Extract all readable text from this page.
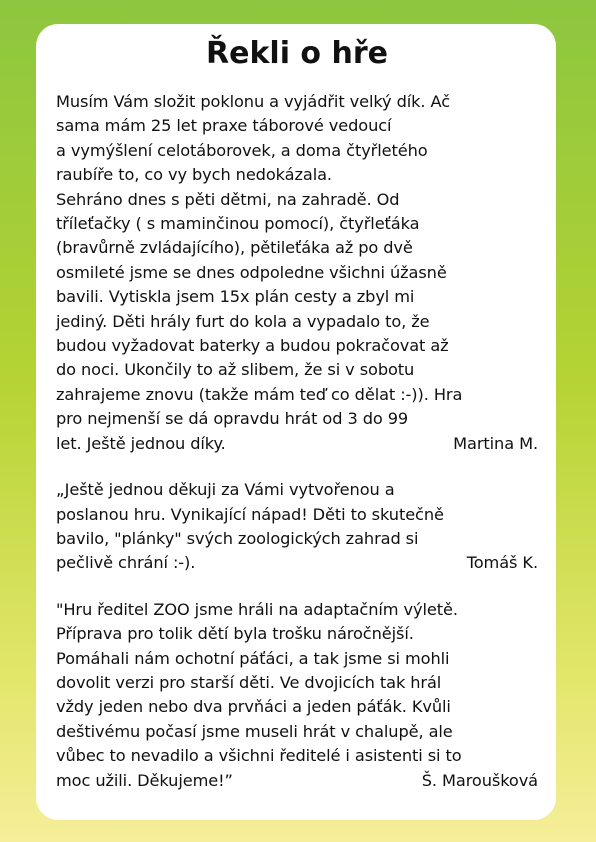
Řekli o hře
Musím Vám složit poklonu a vyjádřit velký dík. Ač
sama mám 25 let praxe táborové vedoucí
a vymýšlení celotáborovek, a doma čtyřletého
raubíře to, co vy bych nedokázala.
Sehráno dnes s pěti dětmi, na zahradě. Od
tříleťačky ( s maminčinou pomocí), čtyřleťáka
(bravůrně zvládajícího), pětileťáka až po dvě
osmileté jsme se dnes odpoledne všichni úžasně
bavili. Vytiskla jsem 15x plán cesty a zbyl mi
jediný. Děti hrály furt do kola a vypadalo to, že
budou vyžadovat baterky a budou pokračovat až
do noci. Ukončily to až slibem, že si v sobotu
zahrajeme znovu (takže mám teď co dělat :-)). Hra
pro nejmenší se dá opravdu hrát od 3 do 99
let. Ještě jednou díky.	Martina M.
„Ještě jednou děkuji za Vámi vytvořenou a
poslanou hru. Vynikající nápad! Děti to skutečně
bavilo, "plánky" svých zoologických zahrad si
pečlivě chrání :-).	Tomáš K.
"Hru ředitel ZOO jsme hráli na adaptačním výletě.
Příprava pro tolik dětí byla trošku náročnější.
Pomáhali nám ochotní páťáci, a tak jsme si mohli
dovolit verzi pro starší děti. Ve dvojicích tak hrál
vždy jeden nebo dva prvňáci a jeden páťák. Kvůli
deštivému počasí jsme museli hrát v chalupě, ale
vůbec to nevadilo a všichni ředitelé i asistenti si to
moc užili. Děkujeme!”	Š. Maroušková
